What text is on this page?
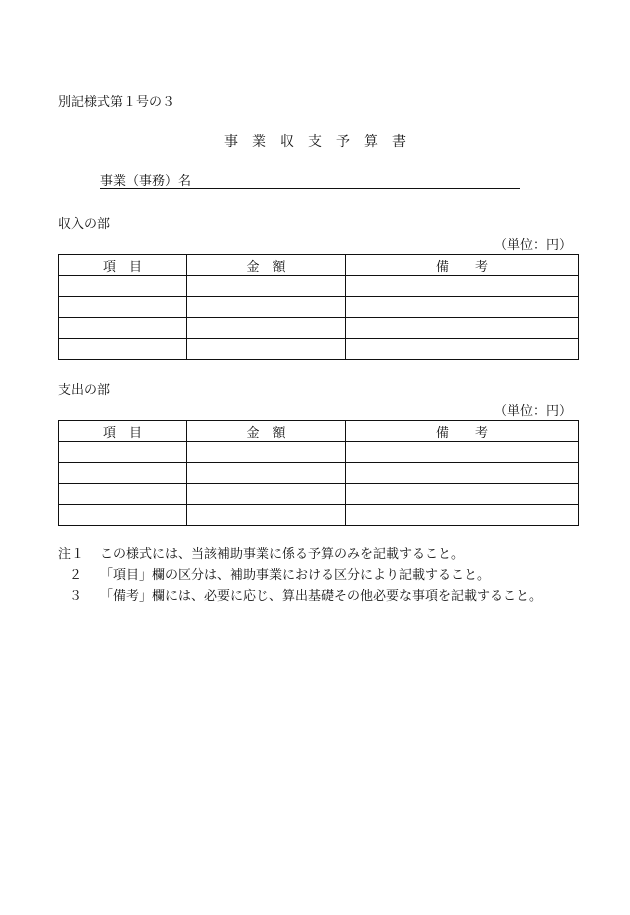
別記様式第１号の３
事 業 収 支 予 算 書
事業（事務）名
収入の部
（単位：円）
項　目	金　額	備　　考

支出の部
（単位：円）
項　目	金　額	備　　考

注１ この様式には、当該補助事業に係る予算のみを記載すること。
２ 「項目」欄の区分は、補助事業における区分により記載すること。
３ 「備考」欄には、必要に応じ、算出基礎その他必要な事項を記載すること。
